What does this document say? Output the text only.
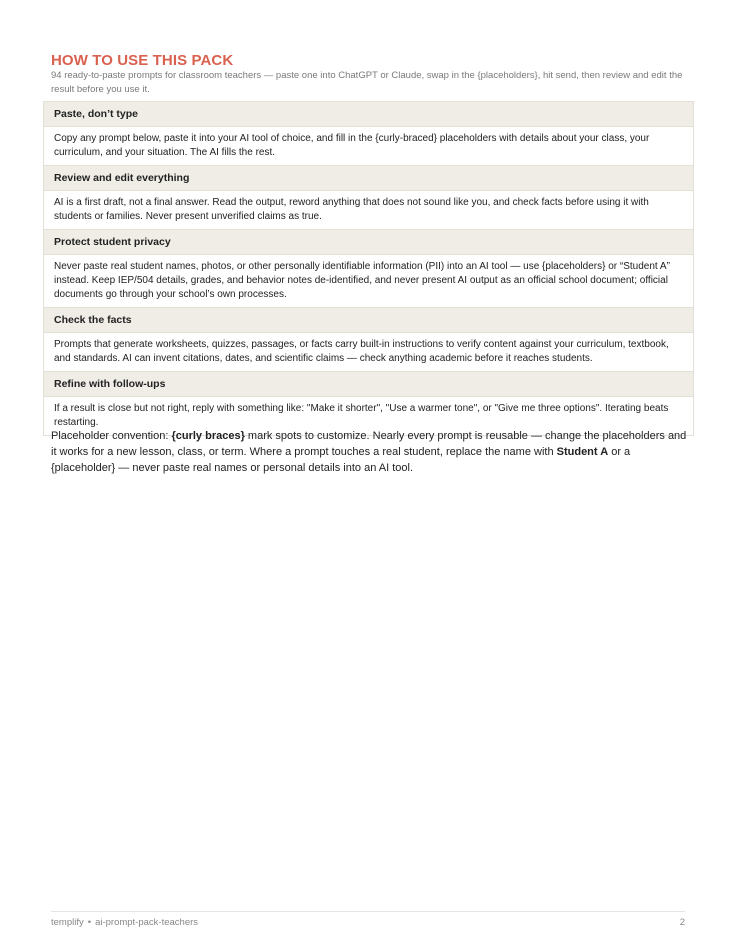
HOW TO USE THIS PACK
94 ready-to-paste prompts for classroom teachers — paste one into ChatGPT or Claude, swap in the {placeholders}, hit send, then review and edit the result before you use it.
Paste, don’t type
Copy any prompt below, paste it into your AI tool of choice, and fill in the {curly-braced} placeholders with details about your class, your curriculum, and your situation. The AI fills the rest.
Review and edit everything
AI is a first draft, not a final answer. Read the output, reword anything that does not sound like you, and check facts before using it with students or families. Never present unverified claims as true.
Protect student privacy
Never paste real student names, photos, or other personally identifiable information (PII) into an AI tool — use {placeholders} or “Student A” instead. Keep IEP/504 details, grades, and behavior notes de-identified, and never present AI output as an official school document; official documents go through your school’s own processes.
Check the facts
Prompts that generate worksheets, quizzes, passages, or facts carry built-in instructions to verify content against your curriculum, textbook, and standards. AI can invent citations, dates, and scientific claims — check anything academic before it reaches students.
Refine with follow-ups
If a result is close but not right, reply with something like: "Make it shorter", "Use a warmer tone", or "Give me three options". Iterating beats restarting.
Placeholder convention: {curly braces} mark spots to customize. Nearly every prompt is reusable — change the placeholders and it works for a new lesson, class, or term. Where a prompt touches a real student, replace the name with Student A or a {placeholder} — never paste real names or personal details into an AI tool.
templify • ai-prompt-pack-teachers	2
